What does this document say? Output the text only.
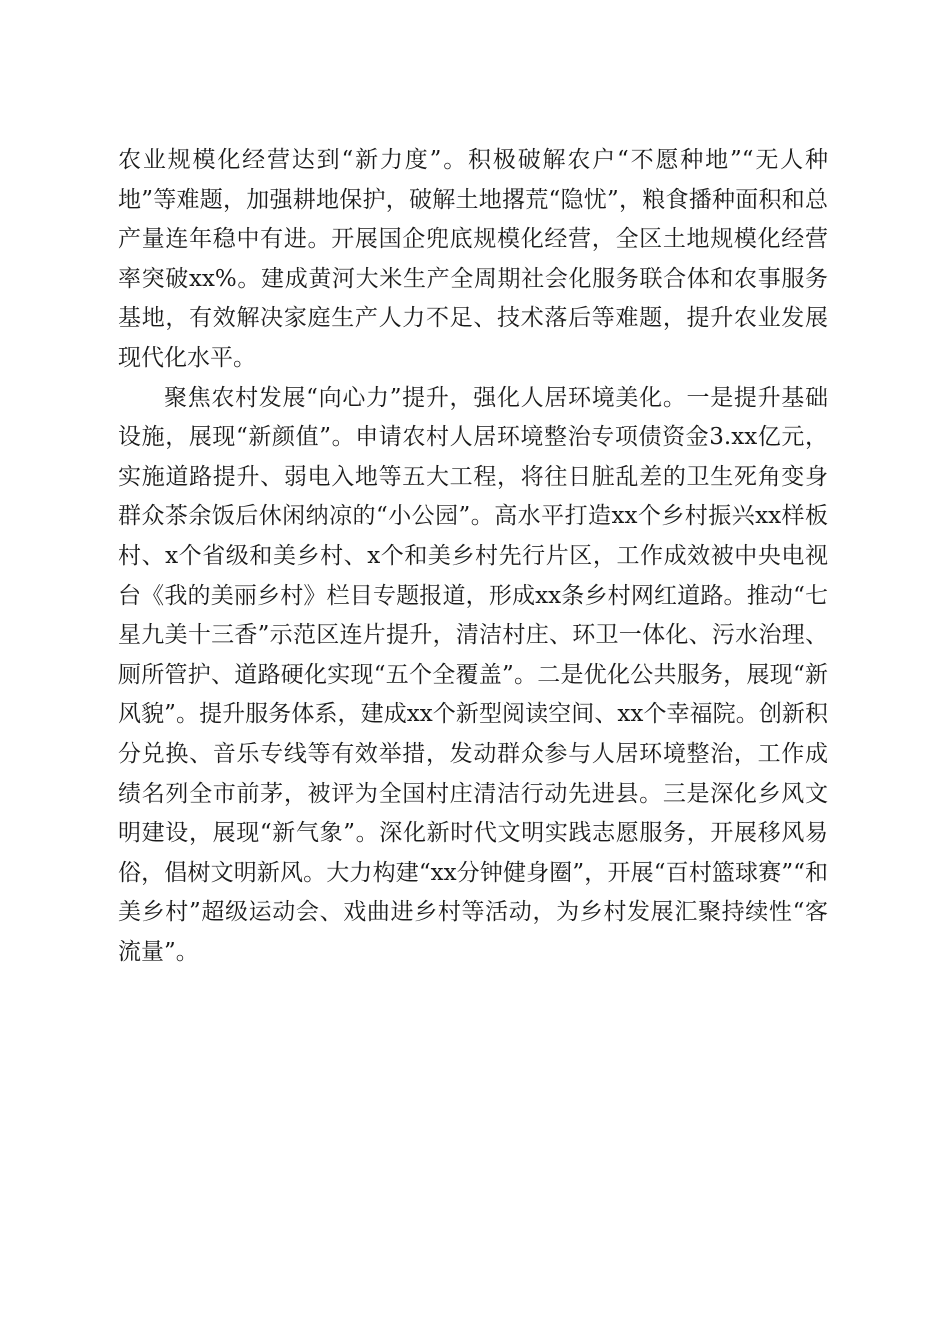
农业规模化经营达到“新力度”。积极破解农户“不愿种地”“无人种地”等难题，加强耕地保护，破解土地撂荒“隐忧”，粮食播种面积和总产量连年稳中有进。开展国企兜底规模化经营，全区土地规模化经营率突破xx%。建成黄河大米生产全周期社会化服务联合体和农事服务基地，有效解决家庭生产人力不足、技术落后等难题，提升农业发展现代化水平。

聚焦农村发展“向心力”提升，强化人居环境美化。一是提升基础设施，展现“新颜值”。申请农村人居环境整治专项债资金3.xx亿元，实施道路提升、弱电入地等五大工程，将往日脏乱差的卫生死角变身群众茶余饭后休闲纳凉的“小公园”。高水平打造xx个乡村振兴xx样板村、x个省级和美乡村、x个和美乡村先行片区，工作成效被中央电视台《我的美丽乡村》栏目专题报道，形成xx条乡村网红道路。推动“七星九美十三香”示范区连片提升，清洁村庄、环卫一体化、污水治理、厕所管护、道路硬化实现“五个全覆盖”。二是优化公共服务，展现“新风貌”。提升服务体系，建成xx个新型阅读空间、xx个幸福院。创新积分兑换、音乐专线等有效举措，发动群众参与人居环境整治，工作成绩名列全市前茅，被评为全国村庄清洁行动先进县。三是深化乡风文明建设，展现“新气象”。深化新时代文明实践志愿服务，开展移风易俗，倡树文明新风。大力构建“xx分钟健身圈”，开展“百村篮球赛”“和美乡村”超级运动会、戏曲进乡村等活动，为乡村发展汇聚持续性“客流量”。
